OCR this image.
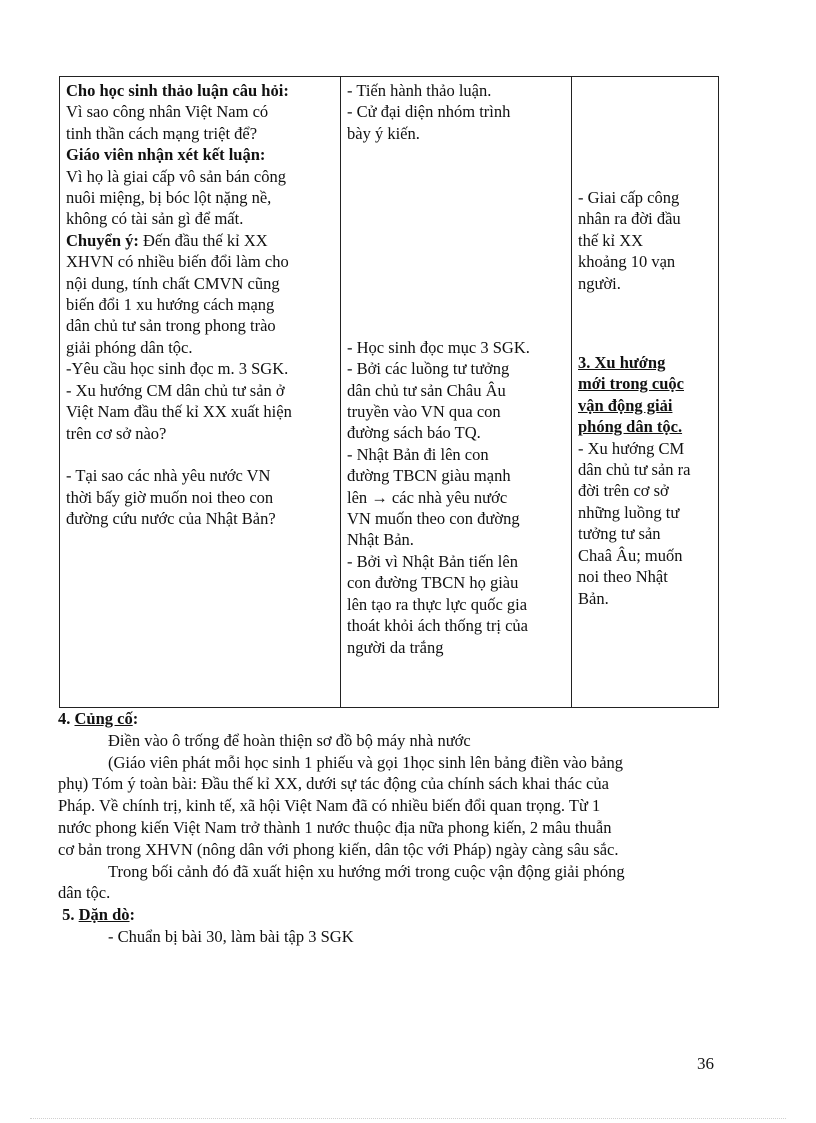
Cho học sinh thảo luận câu hỏi:
Vì sao công nhân Việt Nam có
tinh thần cách mạng triệt để?
Giáo viên nhận xét kết luận:
Vì họ là giai cấp vô sản bán công
nuôi miệng, bị bóc lột nặng nề,
không có tài sản gì để mất.
Chuyển ý: Đến đầu thế kỉ XX
XHVN có nhiều biến đổi làm cho
nội dung, tính chất CMVN cũng
biến đổi 1 xu hướng cách mạng
dân chủ tư sản trong phong trào
giải phóng dân tộc.
-Yêu cầu học sinh đọc m. 3 SGK.
- Xu hướng CM dân chủ tư sản ở
Việt Nam đầu thế kỉ XX xuất hiện
trên cơ sở nào?
- Tại sao các nhà yêu nước VN
thời bấy giờ muốn noi theo con
đường cứu nước của Nhật Bản?

- Tiến hành thảo luận.
- Cử đại diện nhóm trình
bày ý kiến.
- Học sinh đọc mục 3 SGK.
- Bởi các luồng tư tưởng
dân chủ tư sản Châu Âu
truyền vào VN qua con
đường sách báo TQ.
- Nhật Bản đi lên con
đường TBCN giàu mạnh
lên → các nhà yêu nước
VN muốn theo con đường
Nhật Bản.
- Bởi vì Nhật Bản tiến lên
con đường TBCN họ giàu
lên tạo ra thực lực quốc gia
thoát khỏi ách thống trị của
người da trắng

- Giai cấp công
nhân ra đời đầu
thế kỉ XX
khoảng 10 vạn
người.
3. Xu hướng
mới trong cuộc
vận động giải
phóng dân tộc.
- Xu hướng CM
dân chủ tư sản ra
đời trên cơ sở
những luồng tư
tưởng tư sản
Chaâ Âu; muốn
noi theo Nhật
Bản.
4. Củng cố:
Điền vào ô trống để hoàn thiện sơ đồ bộ máy nhà nước
(Giáo viên phát mỗi học sinh 1 phiếu và gọi 1học sinh lên bảng điền vào bảng
phụ) Tóm ý toàn bài: Đầu thế kỉ XX, dưới sự tác động của chính sách khai thác của
Pháp. Về chính trị, kinh tế, xã hội Việt Nam đã có nhiều biến đổi quan trọng. Từ 1
nước phong kiến Việt Nam trở thành 1 nước thuộc địa nữa phong kiến, 2 mâu thuẫn
cơ bản trong XHVN (nông dân với phong kiến, dân tộc với Pháp) ngày càng sâu sắc.
Trong bối cảnh đó đã xuất hiện xu hướng mới trong cuộc vận động giải phóng
dân tộc.
5. Dặn dò:
- Chuẩn bị bài 30, làm bài tập 3 SGK
36
